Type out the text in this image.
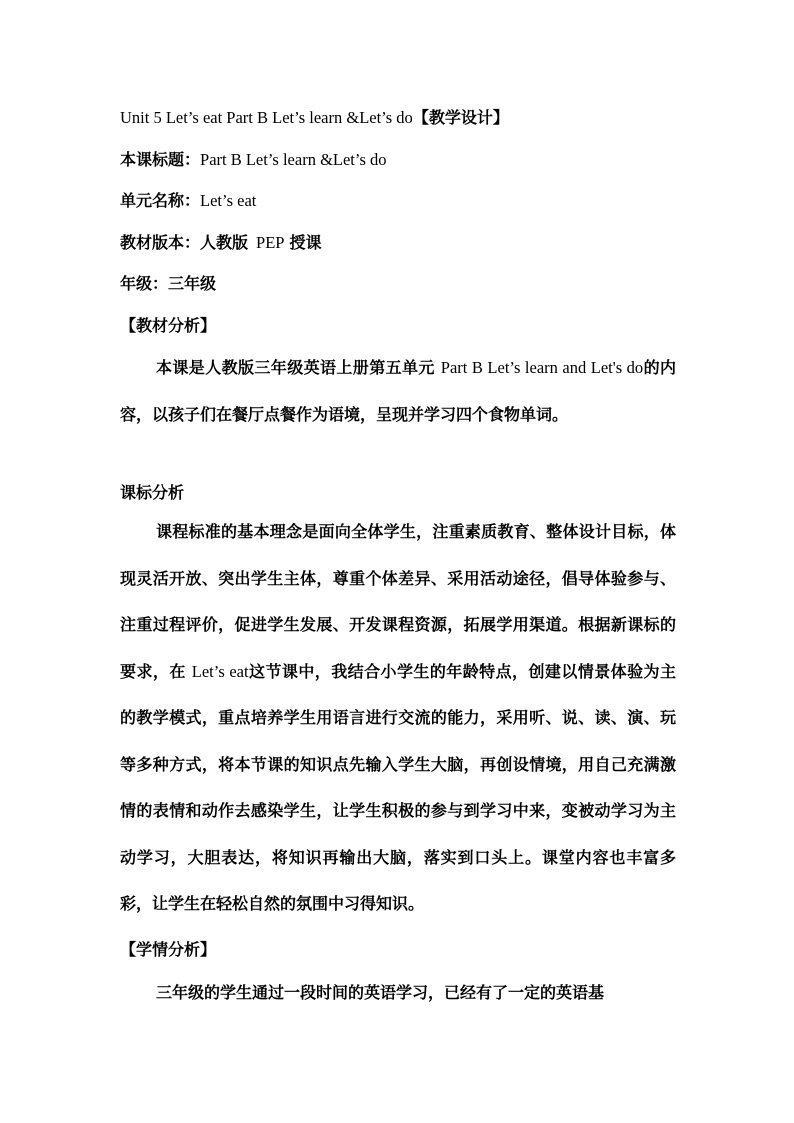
Unit 5 Let’s eat Part B Let’s learn &Let’s do【教学设计】
本课标题：Part B Let’s learn &Let’s do
单元名称：Let’s eat
教材版本：人教版 PEP 授课
年级：三年级
【教材分析】

本课是人教版三年级英语上册第五单元 Part B Let’s learn and Let's do的内容，以孩子们在餐厅点餐作为语境，呈现并学习四个食物单词。

课标分析

课程标准的基本理念是面向全体学生，注重素质教育、整体设计目标，体现灵活开放、突出学生主体，尊重个体差异、采用活动途径，倡导体验参与、注重过程评价，促进学生发展、开发课程资源，拓展学用渠道。根据新课标的要求，在 Let’s eat这节课中，我结合小学生的年龄特点，创建以情景体验为主的教学模式，重点培养学生用语言进行交流的能力，采用听、说、读、演、玩等多种方式，将本节课的知识点先输入学生大脑，再创设情境，用自己充满激情的表情和动作去感染学生，让学生积极的参与到学习中来，变被动学习为主动学习，大胆表达，将知识再输出大脑，落实到口头上。课堂内容也丰富多彩，让学生在轻松自然的氛围中习得知识。

【学情分析】

三年级的学生通过一段时间的英语学习，已经有了一定的英语基
